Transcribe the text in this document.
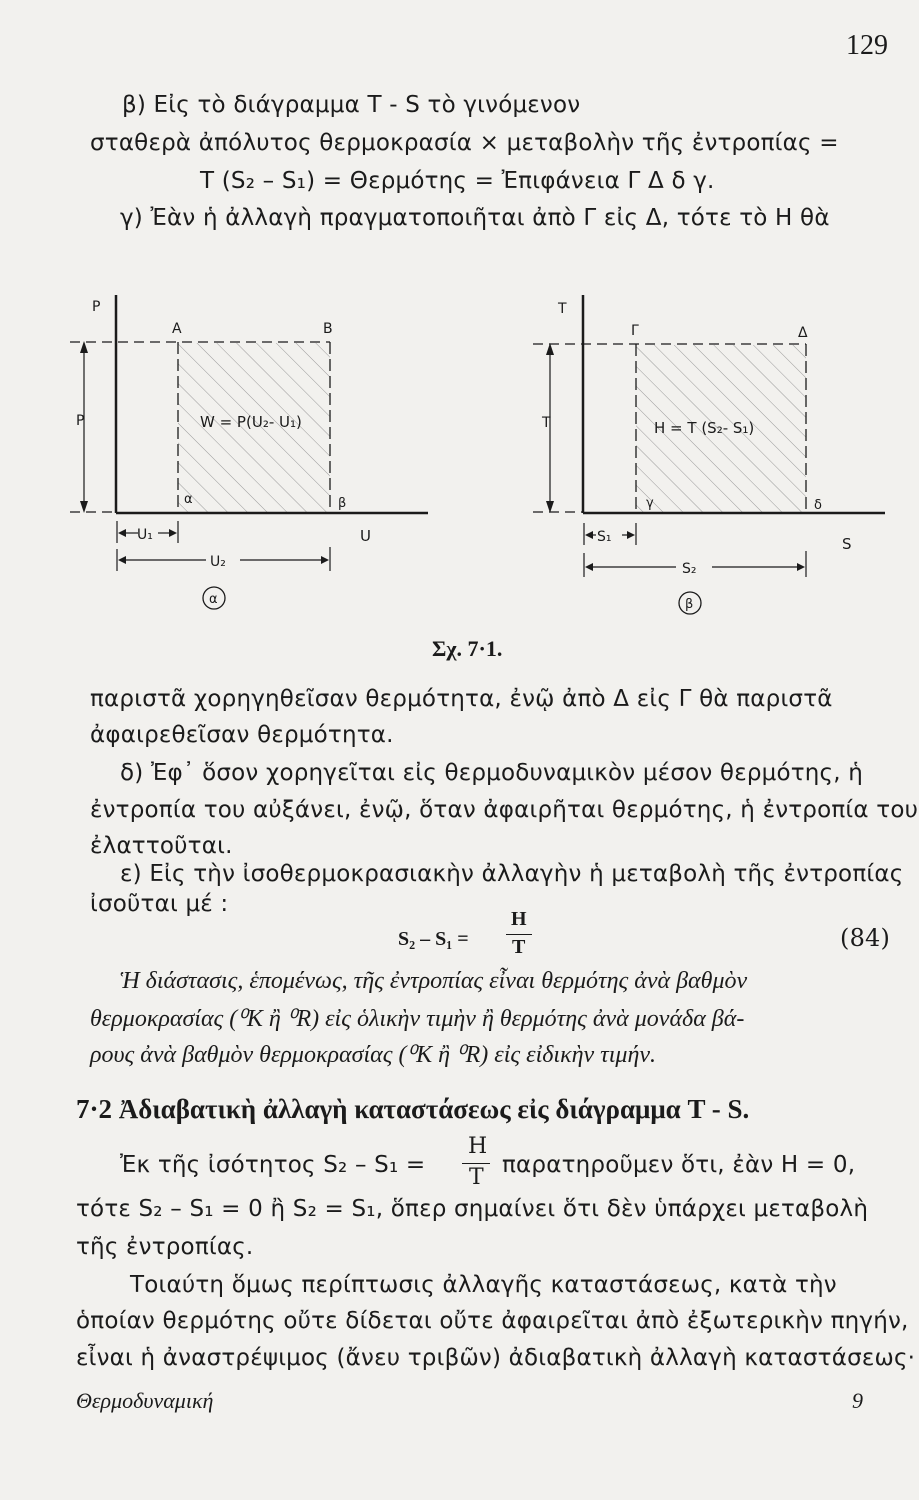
129
β) Εἰς τὸ διάγραμμα T - S τὸ γινόμενον
σταθερὰ ἀπόλυτος θερμοκρασία × μεταβολὴν τῆς ἐντροπίας =
T (S₂ – S₁) = Θερμότης = Ἐπιφάνεια Γ Δ δ γ.
γ) Ἐὰν ἡ ἀλλαγὴ πραγματοποιῆται ἀπὸ Γ εἰς Δ, τότε τὸ H θὰ
P
P
A	B
α	β
W = P(U₂- U₁)
U
U₁
U₂
α
T
T
Γ	Δ
γ	δ
H = T (S₂- S₁)
S
S₁
S₂
β
Σχ. 7·1.
παριστᾶ χορηγηθεῖσαν θερμότητα, ἐνῷ ἀπὸ Δ εἰς Γ θὰ παριστᾶ
ἀφαιρεθεῖσαν θερμότητα.
δ) Ἐφ᾽ ὅσον χορηγεῖται εἰς θερμοδυναμικὸν μέσον θερμότης, ἡ
ἐντροπία του αὐξάνει, ἐνῷ, ὅταν ἀφαιρῆται θερμότης, ἡ ἐντροπία του
ἐλαττοῦται.
ε) Εἰς τὴν ἰσοθερμοκρασιακὴν ἀλλαγὴν ἡ μεταβολὴ τῆς ἐντροπίας
ἰσοῦται μέ :
S₂ – S₁ =
H
T	(84)
Ἡ διάστασις, ἑπομένως, τῆς ἐντροπίας εἶναι θερμότης ἀνὰ βαθμὸν
θερμοκρασίας (⁰K ἢ ⁰R) εἰς ὁλικὴν τιμὴν ἢ θερμότης ἀνὰ μονάδα βά-
ρους ἀνὰ βαθμὸν θερμοκρασίας (⁰K ἢ ⁰R) εἰς εἰδικὴν τιμήν.
7·2 Ἀδιαβατικὴ ἀλλαγὴ καταστάσεως εἰς διάγραμμα T - S.
Ἐκ τῆς ἰσότητος S₂ – S₁ =
H
T παρατηροῦμεν ὅτι, ἐὰν H = 0,
τότε S₂ – S₁ = 0 ἢ S₂ = S₁, ὅπερ σημαίνει ὅτι δὲν ὑπάρχει μεταβολὴ
τῆς ἐντροπίας.
Τοιαύτη ὅμως περίπτωσις ἀλλαγῆς καταστάσεως, κατὰ τὴν
ὁποίαν θερμότης οὔτε δίδεται οὔτε ἀφαιρεῖται ἀπὸ ἐξωτερικὴν πηγήν,
εἶναι ἡ ἀναστρέψιμος (ἄνευ τριβῶν) ἀδιαβατικὴ ἀλλαγὴ καταστάσεως·
Θερμοδυναμική	9
